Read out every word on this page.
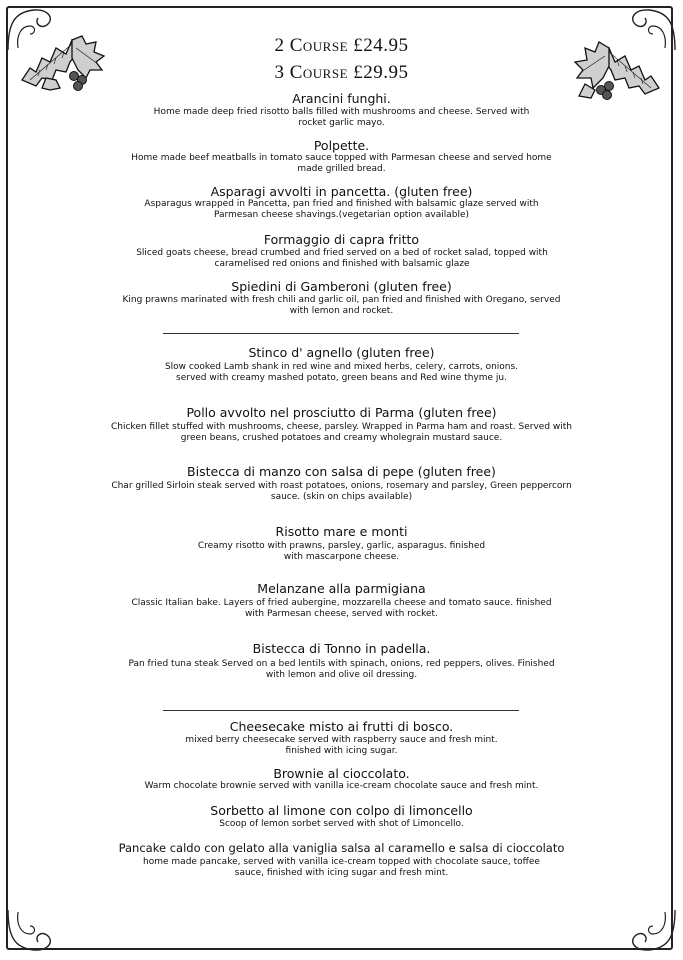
2 Course £24.95
3 Course £29.95
Arancini funghi.
Home made deep fried risotto balls filled with mushrooms and cheese. Served with rocket garlic mayo.
Polpette.
Home made beef meatballs in tomato sauce topped with Parmesan cheese and served home made grilled bread.
Asparagi avvolti in pancetta. (gluten free)
Asparagus wrapped in Pancetta, pan fried and finished with balsamic glaze served with Parmesan cheese shavings.(vegetarian option available)
Formaggio di capra fritto
Sliced goats cheese, bread crumbed and fried served on a bed of rocket salad, topped with caramelised red onions and finished with balsamic glaze
Spiedini di Gamberoni (gluten free)
King prawns marinated with fresh chili and garlic oil, pan fried and finished with Oregano, served with lemon and rocket.
Stinco d' agnello (gluten free)
Slow cooked Lamb shank in red wine and mixed herbs, celery, carrots, onions. served with creamy mashed potato, green beans and Red wine thyme ju.
Pollo avvolto nel prosciutto di Parma (gluten free)
Chicken fillet stuffed with mushrooms, cheese, parsley. Wrapped in Parma ham and roast. Served with green beans, crushed potatoes and creamy wholegrain mustard sauce.
Bistecca di manzo con salsa di pepe (gluten free)
Char grilled Sirloin steak served with roast potatoes, onions, rosemary and parsley, Green peppercorn sauce. (skin on chips available)
Risotto mare e monti
Creamy risotto with prawns, parsley, garlic, asparagus. finished with mascarpone cheese.
Melanzane alla parmigiana
Classic Italian bake. Layers of fried aubergine, mozzarella cheese and tomato sauce. finished with Parmesan cheese, served with rocket.
Bistecca di Tonno in padella.
Pan fried tuna steak Served on a bed lentils with spinach, onions, red peppers, olives. Finished with lemon and olive oil dressing.
Cheesecake misto ai frutti di bosco.
mixed berry cheesecake served with raspberry sauce and fresh mint. finished with icing sugar.
Brownie al cioccolato.
Warm chocolate brownie served with vanilla ice-cream chocolate sauce and fresh mint.
Sorbetto al limone con colpo di limoncello
Scoop of lemon sorbet served with shot of Limoncello.
Pancake caldo con gelato alla vaniglia salsa al caramello e salsa di cioccolato
home made pancake, served with vanilla ice-cream topped with chocolate sauce, toffee sauce, finished with icing sugar and fresh mint.
